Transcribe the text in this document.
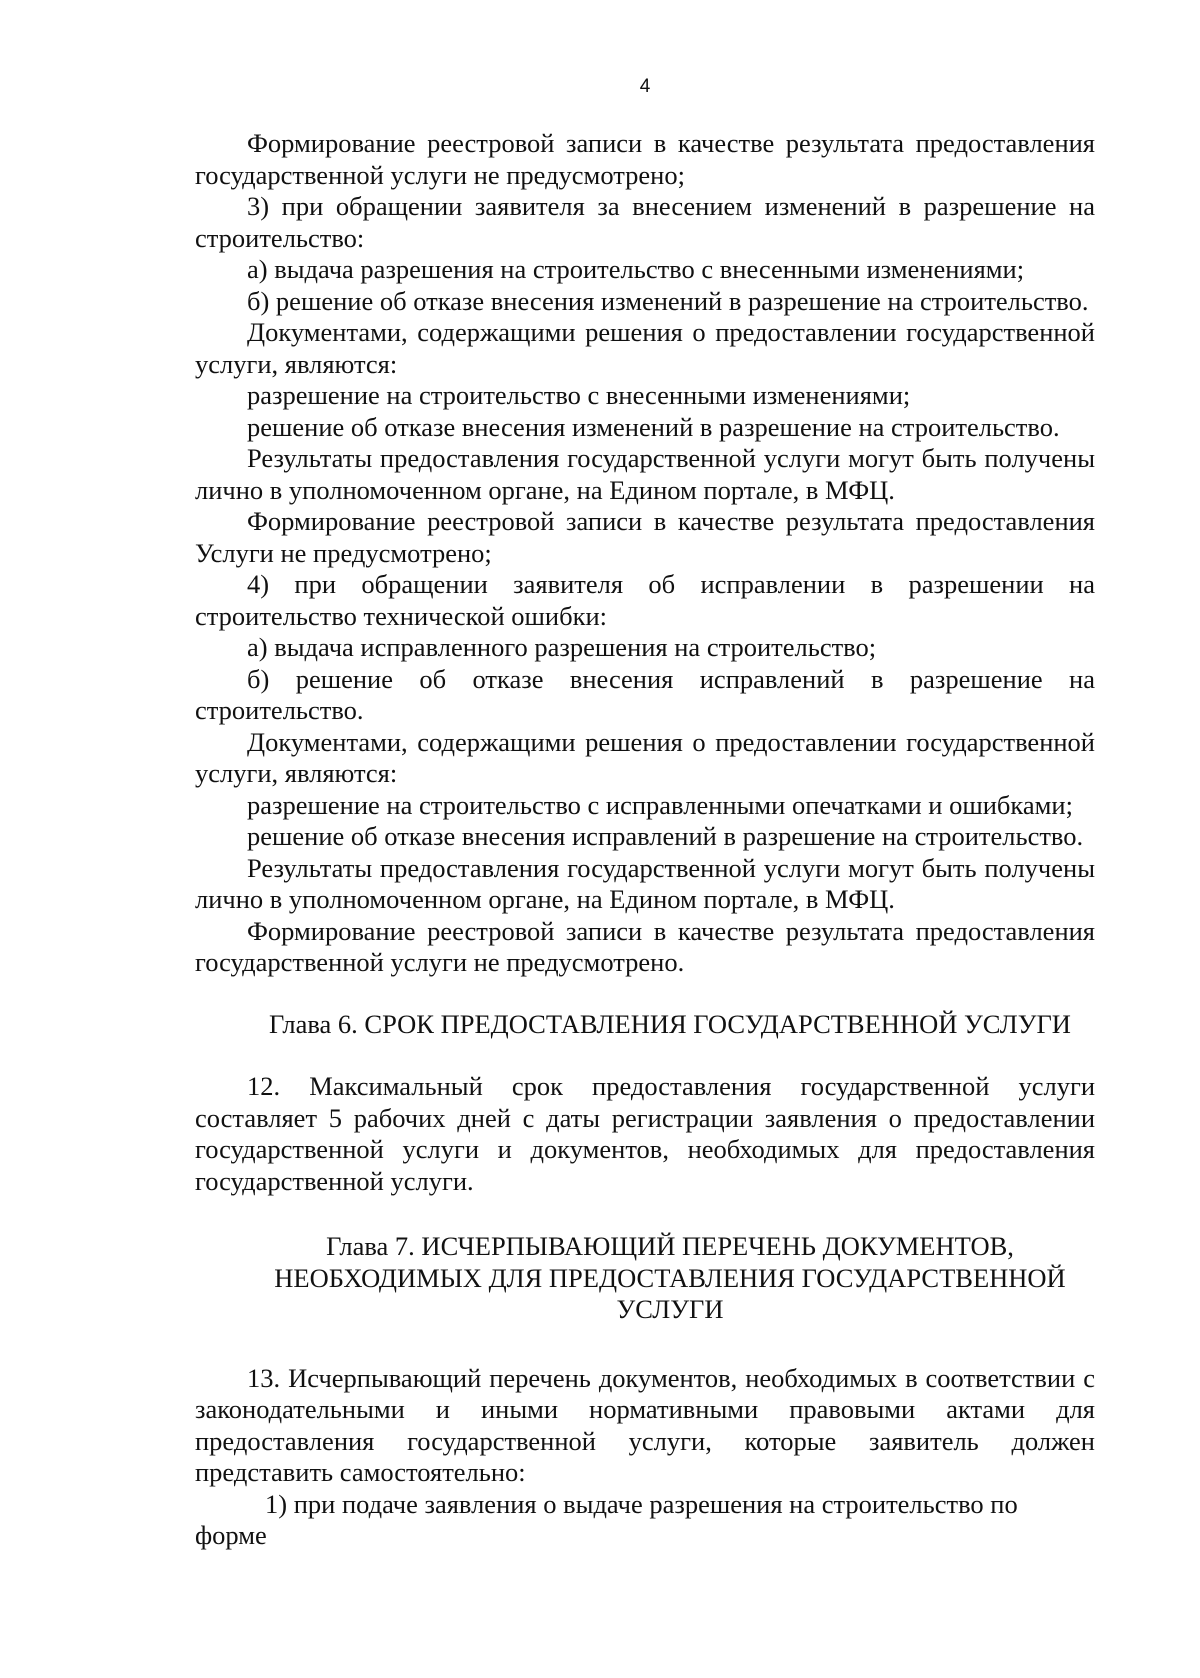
4

Формирование реестровой записи в качестве результата предоставления государственной услуги не предусмотрено;

3) при обращении заявителя за внесением изменений в разрешение на строительство:

а) выдача разрешения на строительство с внесенными изменениями;

б) решение об отказе внесения изменений в разрешение на строительство.

Документами, содержащими решения о предоставлении государственной услуги, являются:

разрешение на строительство с внесенными изменениями;

решение об отказе внесения изменений в разрешение на строительство.

Результаты предоставления государственной услуги могут быть получены лично в уполномоченном органе, на Едином портале, в МФЦ.

Формирование реестровой записи в качестве результата предоставления Услуги не предусмотрено;

4) при обращении заявителя об исправлении в разрешении на строительство технической ошибки:

а) выдача исправленного разрешения на строительство;

б) решение об отказе внесения исправлений в разрешение на строительство.

Документами, содержащими решения о предоставлении государственной услуги, являются:

разрешение на строительство с исправленными опечатками и ошибками;

решение об отказе внесения исправлений в разрешение на строительство.

Результаты предоставления государственной услуги могут быть получены лично в уполномоченном органе, на Едином портале, в МФЦ.

Формирование реестровой записи в качестве результата предоставления государственной услуги не предусмотрено.

Глава 6. СРОК ПРЕДОСТАВЛЕНИЯ ГОСУДАРСТВЕННОЙ УСЛУГИ

12. Максимальный срок предоставления государственной услуги составляет 5 рабочих дней с даты регистрации заявления о предоставлении государственной услуги и документов, необходимых для предоставления государственной услуги.

Глава 7. ИСЧЕРПЫВАЮЩИЙ ПЕРЕЧЕНЬ ДОКУМЕНТОВ,
НЕОБХОДИМЫХ ДЛЯ ПРЕДОСТАВЛЕНИЯ ГОСУДАРСТВЕННОЙ
УСЛУГИ

13. Исчерпывающий перечень документов, необходимых в соответствии с законодательными и иными нормативными правовыми актами для предоставления государственной услуги, которые заявитель должен представить самостоятельно:

1) при подаче заявления о выдаче разрешения на строительство по форме
